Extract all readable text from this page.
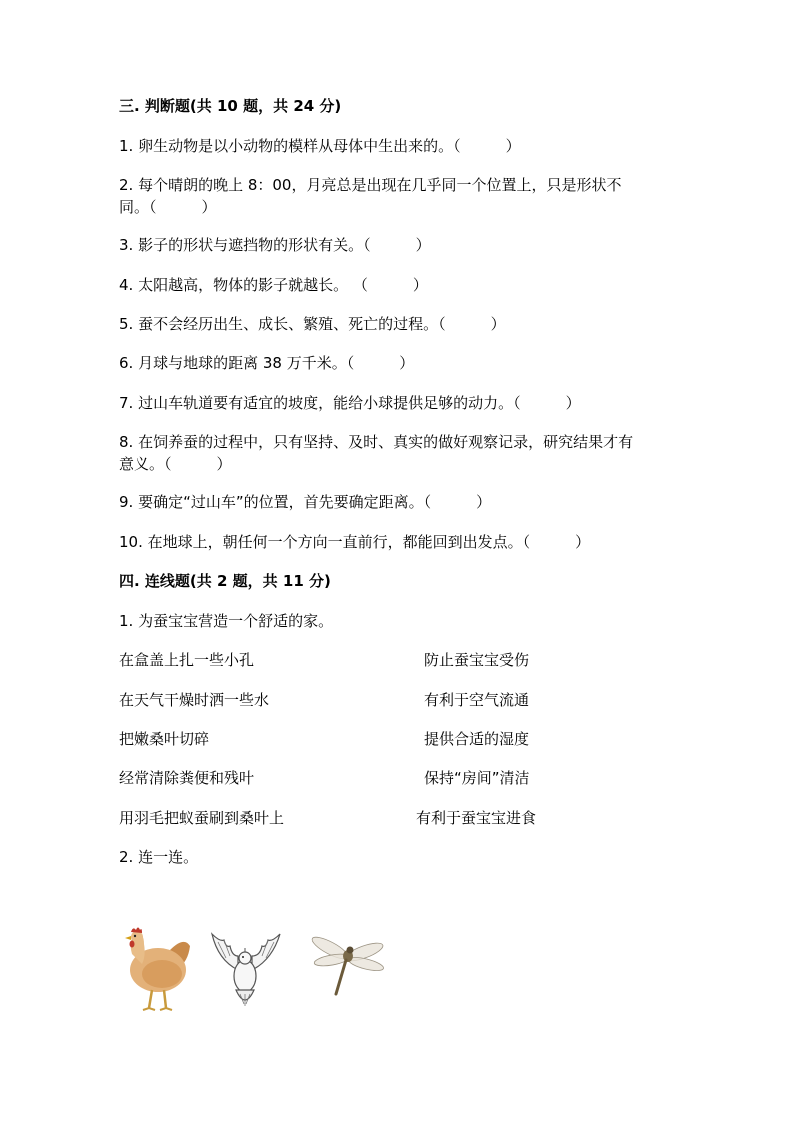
三. 判断题(共 10 题，共 24 分)
1. 卵生动物是以小动物的模样从母体中生出来的。（　　　）
2. 每个晴朗的晚上 8：00，月亮总是出现在几乎同一个位置上，只是形状不
同。（　　　）
3. 影子的形状与遮挡物的形状有关。（　　　）
4. 太阳越高，物体的影子就越长。 （　　　）
5. 蚕不会经历出生、成长、繁殖、死亡的过程。（　　　）
6. 月球与地球的距离 38 万千米。（　　　）
7. 过山车轨道要有适宜的坡度，能给小球提供足够的动力。（　　　）
8. 在饲养蚕的过程中，只有坚持、及时、真实的做好观察记录，研究结果才有
意义。（　　　）
9. 要确定“过山车”的位置，首先要确定距离。（　　　）
10. 在地球上，朝任何一个方向一直前行，都能回到出发点。（　　　）
四. 连线题(共 2 题，共 11 分)
1. 为蚕宝宝营造一个舒适的家。
在盒盖上扎一些小孔	防止蚕宝宝受伤
在天气干燥时洒一些水	有利于空气流通
把嫩桑叶切碎	提供合适的湿度
经常清除粪便和残叶	保持“房间”清洁
用羽毛把蚁蚕刷到桑叶上	有利于蚕宝宝进食
2. 连一连。
